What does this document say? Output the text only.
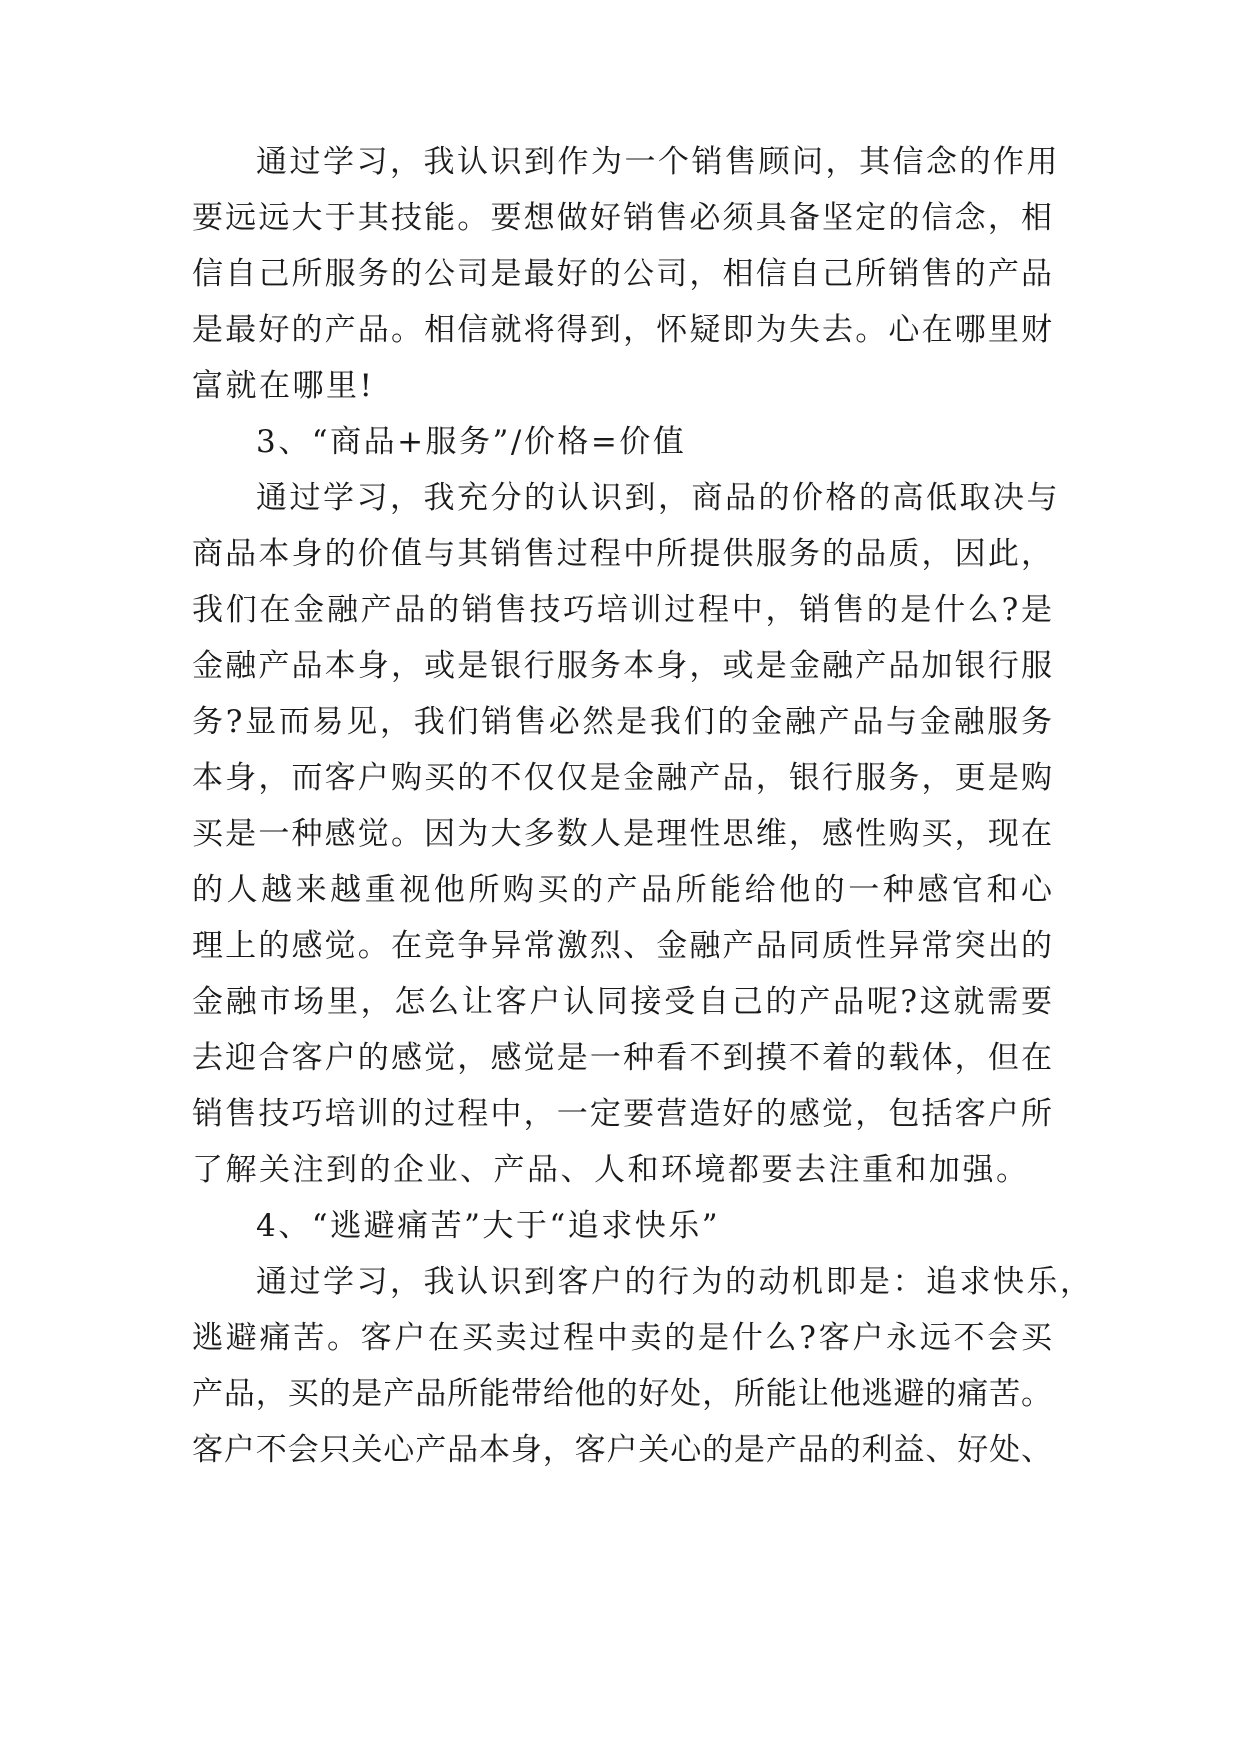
通过学习，我认识到作为一个销售顾问，其信念的作用
要远远大于其技能。要想做好销售必须具备坚定的信念，相
信自己所服务的公司是最好的公司，相信自己所销售的产品
是最好的产品。相信就将得到，怀疑即为失去。心在哪里财
富就在哪里!
3、“商品+服务”/价格=价值
通过学习，我充分的认识到，商品的价格的高低取决与
商品本身的价值与其销售过程中所提供服务的品质，因此，
我们在金融产品的销售技巧培训过程中，销售的是什么?是
金融产品本身，或是银行服务本身，或是金融产品加银行服
务?显而易见，我们销售必然是我们的金融产品与金融服务
本身，而客户购买的不仅仅是金融产品，银行服务，更是购
买是一种感觉。因为大多数人是理性思维，感性购买，现在
的人越来越重视他所购买的产品所能给他的一种感官和心
理上的感觉。在竞争异常激烈、金融产品同质性异常突出的
金融市场里，怎么让客户认同接受自己的产品呢?这就需要
去迎合客户的感觉，感觉是一种看不到摸不着的载体，但在
销售技巧培训的过程中，一定要营造好的感觉，包括客户所
了解关注到的企业、产品、人和环境都要去注重和加强。
4、“逃避痛苦”大于“追求快乐”
通过学习，我认识到客户的行为的动机即是：追求快乐，
逃避痛苦。客户在买卖过程中卖的是什么?客户永远不会买
产品，买的是产品所能带给他的好处，所能让他逃避的痛苦。
客户不会只关心产品本身，客户关心的是产品的利益、好处、
